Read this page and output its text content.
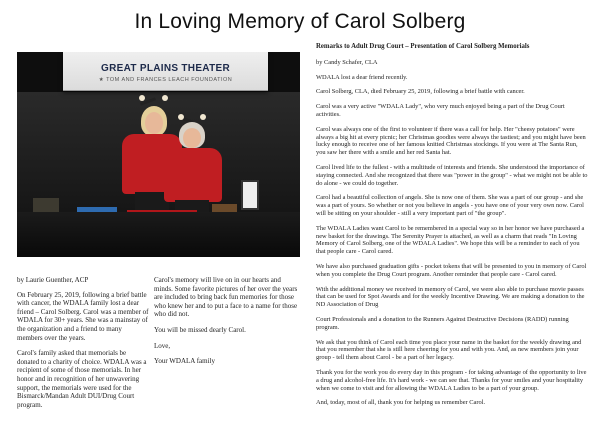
In Loving Memory of Carol Solberg
GREAT PLAINS THEATER
★ TOM AND FRANCES LEACH FOUNDATION

by Laurie Guenther, ACP

On February 25, 2019, following a brief battle with cancer, the WDALA family lost a dear friend – Carol Solberg. Carol was a member of WDALA for 30+ years. She was a mainstay of the organization and a friend to many members over the years.

Carol's family asked that memorials be donated to a charity of choice. WDALA was a recipient of some of those memorials. In her honor and in recognition of her unwavering support, the memorials were used for the Bismarck/Mandan Adult DUI/Drug Court program.

Carol's memory will live on in our hearts and minds. Some favorite pictures of her over the years are included to bring back fun memories for those who knew her and to put a face to a name for those who did not.

You will be missed dearly Carol.

Love,

Your WDALA family

Remarks to Adult Drug Court – Presentation of Carol Solberg Memorials

by Candy Schafer, CLA

WDALA lost a dear friend recently.

Carol Solberg, CLA, died February 25, 2019, following a brief battle with cancer.

Carol was a very active "WDALA Lady", who very much enjoyed being a part of the Drug Court activities.

Carol was always one of the first to volunteer if there was a call for help. Her "cheesy potatoes" were always a big hit at every picnic; her Christmas goodies were always the tastiest; and you might have been lucky enough to receive one of her famous knitted Christmas stockings. If you were at The Santa Run, you saw her there with a smile and her red Santa hat.

Carol lived life to the fullest - with a multitude of interests and friends. She understood the importance of staying connected. And she recognized that there was "power in the group" - what we might not be able to do alone - we could do together.

Carol had a beautiful collection of angels. She is now one of them. She was a part of our group - and she was a part of yours. So whether or not you believe in angels - you have one of your very own now. Carol will be sitting on your shoulder - still a very important part of "the group".

The WDALA Ladies want Carol to be remembered in a special way so in her honor we have purchased a new basket for the drawings. The Serenity Prayer is attached, as well as a charm that reads "In Loving Memory of Carol Solberg, one of the WDALA Ladies". We hope this will be a reminder to each of you that people care - Carol cared.

We have also purchased graduation gifts - pocket tokens that will be presented to you in memory of Carol when you complete the Drug Court program. Another reminder that people care - Carol cared.

With the additional money we received in memory of Carol, we were also able to purchase movie passes that can be used for Spot Awards and for the weekly Incentive Drawing. We are making a donation to the ND Association of Drug

Court Professionals and a donation to the Runners Against Destructive Decisions (RADD) running program.

We ask that you think of Carol each time you place your name in the basket for the weekly drawing and that you remember that she is still here cheering for you and with you. And, as new members join your group - tell them about Carol - be a part of her legacy.

Thank you for the work you do every day in this program - for taking advantage of the opportunity to live a drug and alcohol-free life. It's hard work - we can see that. Thanks for your smiles and your hospitality when we come to visit and for allowing the WDALA Ladies to be a part of your group.

And, today, most of all, thank you for helping us remember Carol.
